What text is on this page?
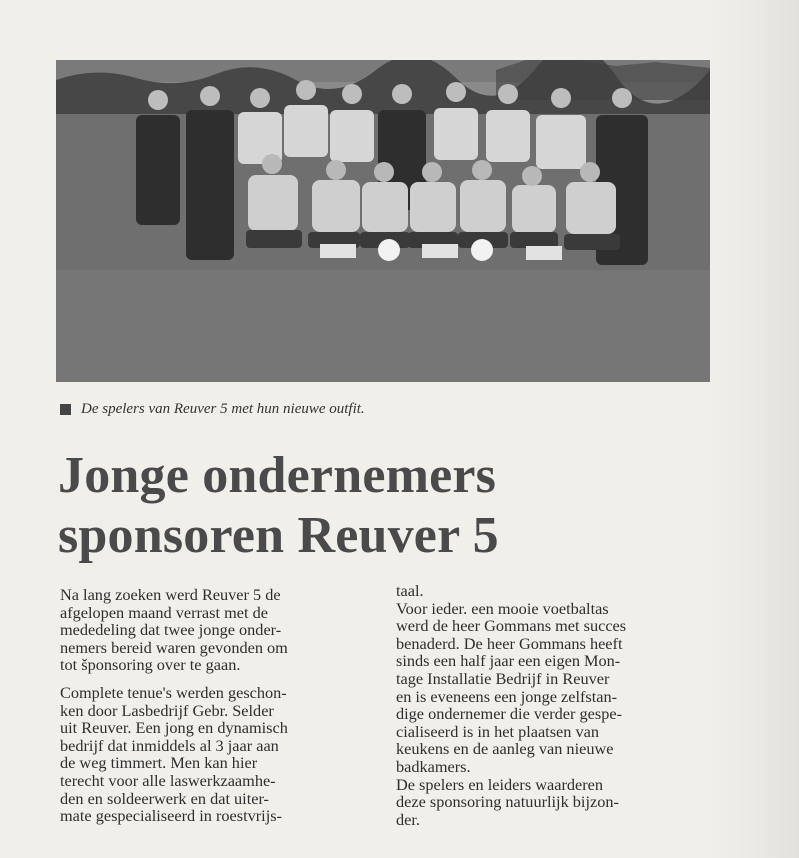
De spelers van Reuver 5 met hun nieuwe outfit.
Jonge ondernemers
sponsoren Reuver 5

Na lang zoeken werd Reuver 5 de
afgelopen maand verrast met de
mededeling dat twee jonge onder-
nemers bereid waren gevonden om
tot šponsoring over te gaan.

Complete tenue's werden geschon-
ken door Lasbedrijf Gebr. Selder
uit Reuver. Een jong en dynamisch
bedrijf dat inmiddels al 3 jaar aan
de weg timmert. Men kan hier
terecht voor alle laswerkzaamhe-
den en soldeerwerk en dat uiter-
mate gespecialiseerd in roestvrijs-

taal.
Voor ieder. een mooie voetbaltas
werd de heer Gommans met succes
benaderd. De heer Gommans heeft
sinds een half jaar een eigen Mon-
tage Installatie Bedrijf in Reuver
en is eveneens een jonge zelfstan-
dige ondernemer die verder gespe-
cialiseerd is in het plaatsen van
keukens en de aanleg van nieuwe
badkamers.
De spelers en leiders waarderen
deze sponsoring natuurlijk bijzon-
der.
